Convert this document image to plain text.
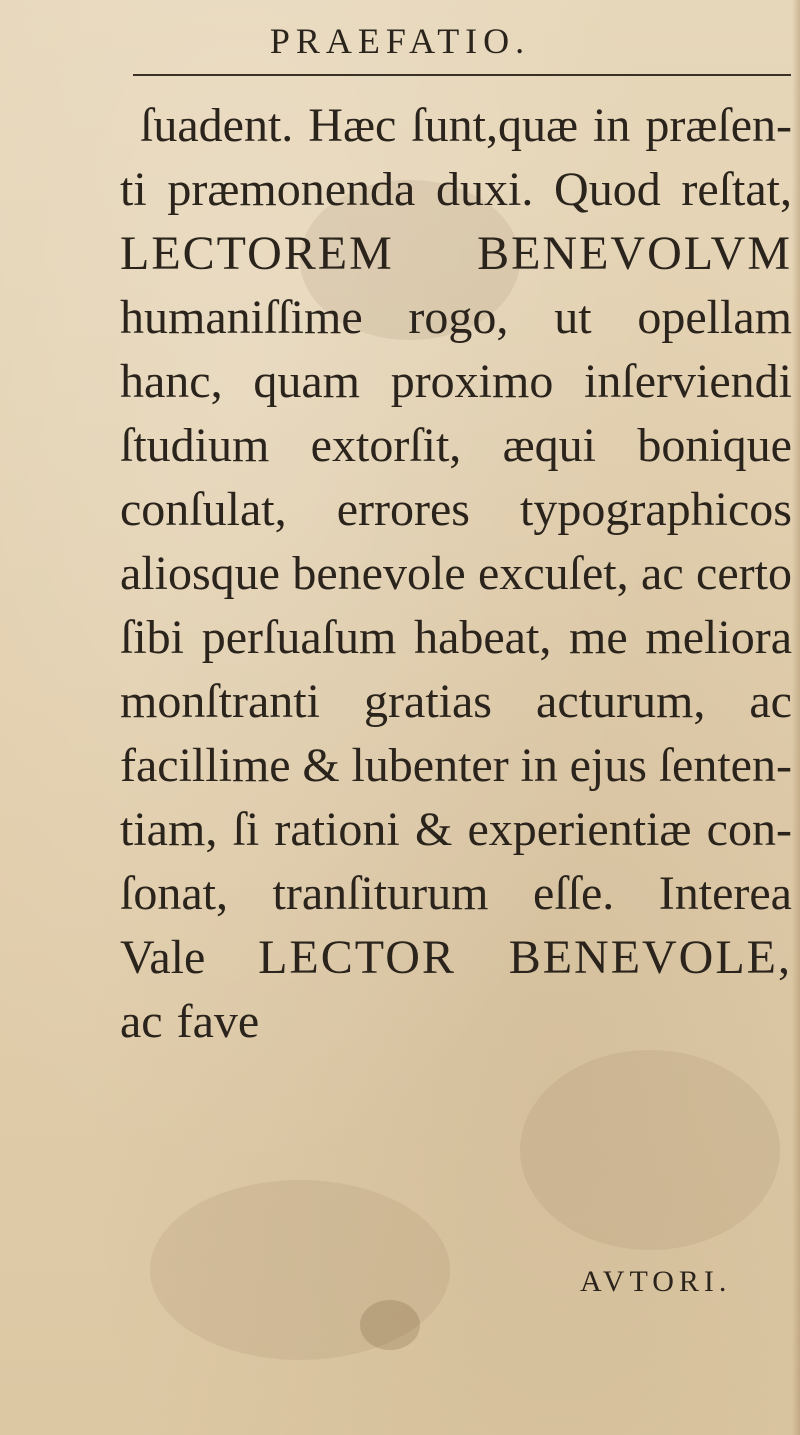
PRAEFATIO.
ſuadent. Hæc ſunt,quæ in præſen-
ti præmonenda duxi. Quod reſtat,
LECTOREM BENEVOLVM
humaniſſime rogo, ut opellam
hanc, quam proximo inſerviendi
ſtudium extorſit, æqui bonique
conſulat, errores typographicos
aliosque benevole excuſet, ac certo
ſibi perſuaſum habeat, me meliora
monſtranti gratias acturum, ac
facillime & lubenter in ejus ſenten-
tiam, ſi rationi & experientiæ con-
ſonat, tranſiturum eſſe. Interea
Vale LECTOR BENEVOLE,
ac fave
AVTORI.
